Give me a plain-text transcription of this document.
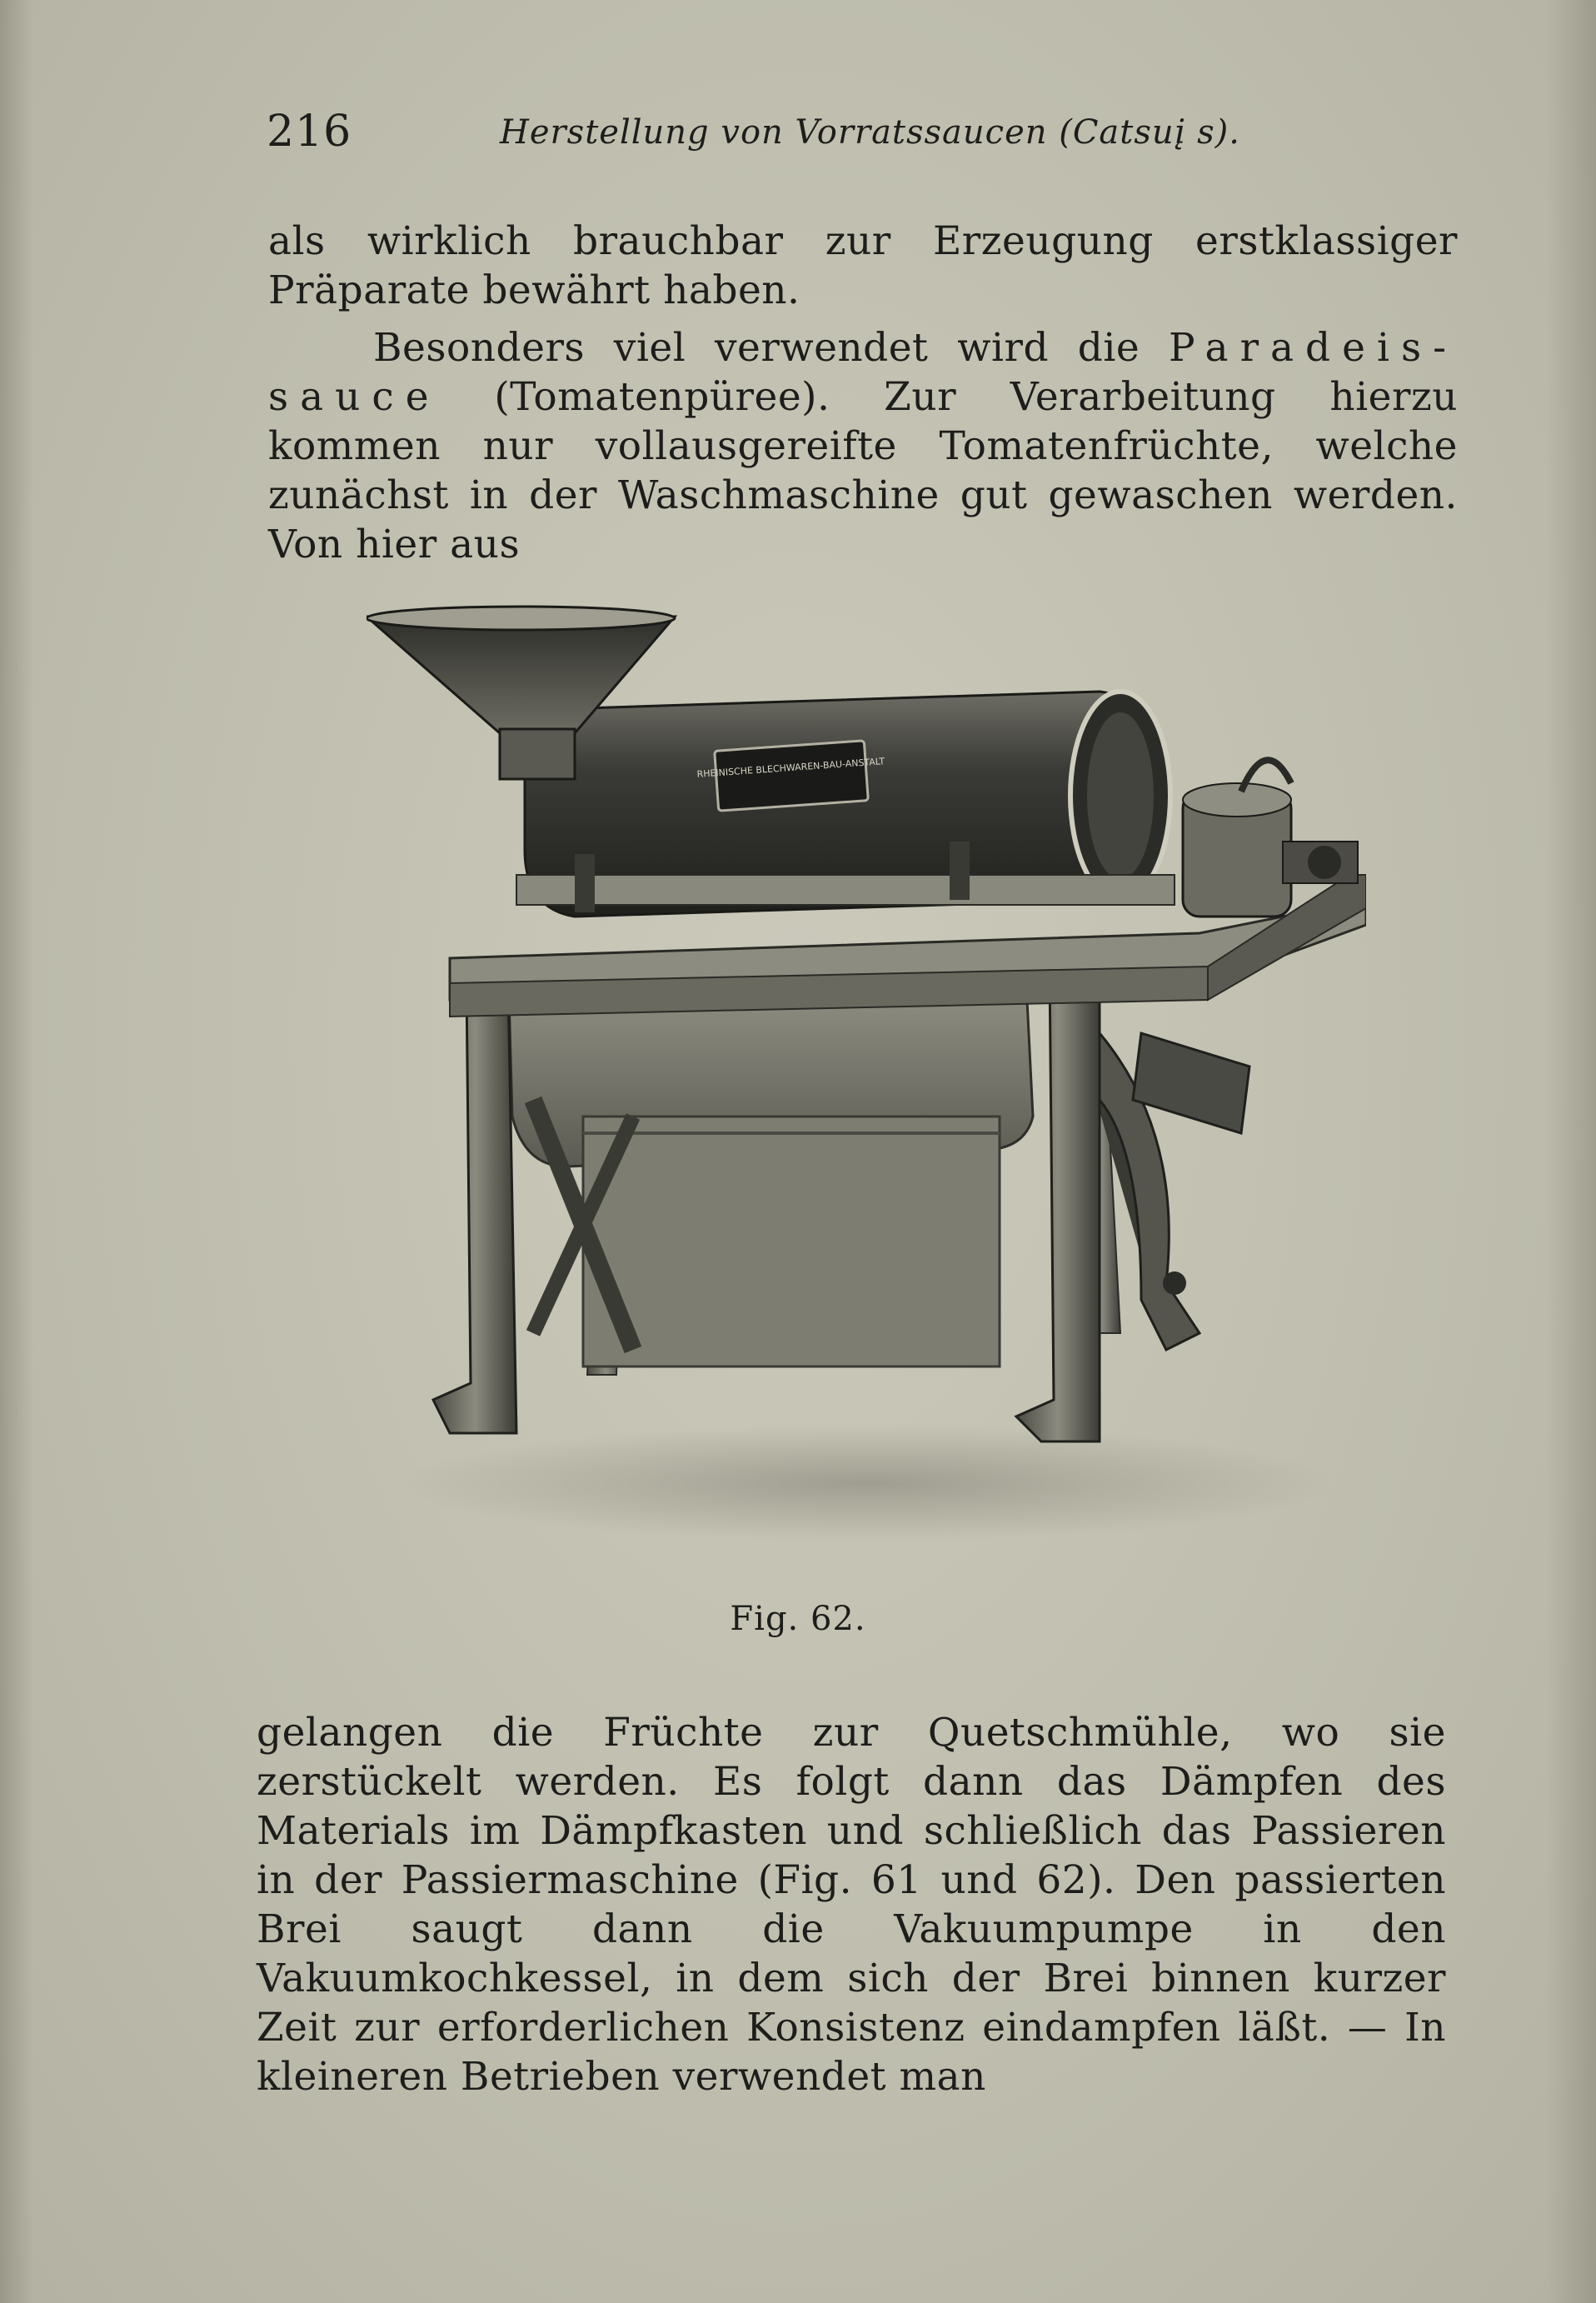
216	Herstellung von Vorratssaucen (Catsuį s).

als wirklich brauchbar zur Erzeugung erstklassiger Präparate bewährt haben.

Besonders viel verwendet wird die Paradeis-sauce (Tomatenpüree). Zur Verarbeitung hierzu kommen nur vollausgereifte Tomatenfrüchte, welche zunächst in der Waschmaschine gut gewaschen werden. Von hier aus

RHEINISCHE BLECHWAREN-BAU-ANSTALT
Fig. 62.

gelangen die Früchte zur Quetschmühle, wo sie zerstückelt werden. Es folgt dann das Dämpfen des Materials im Dämpfkasten und schließlich das Passieren in der Passiermaschine (Fig. 61 und 62). Den passierten Brei saugt dann die Vakuumpumpe in den Vakuumkochkessel, in dem sich der Brei binnen kurzer Zeit zur erforderlichen Konsistenz eindampfen läßt. — In kleineren Betrieben verwendet man
